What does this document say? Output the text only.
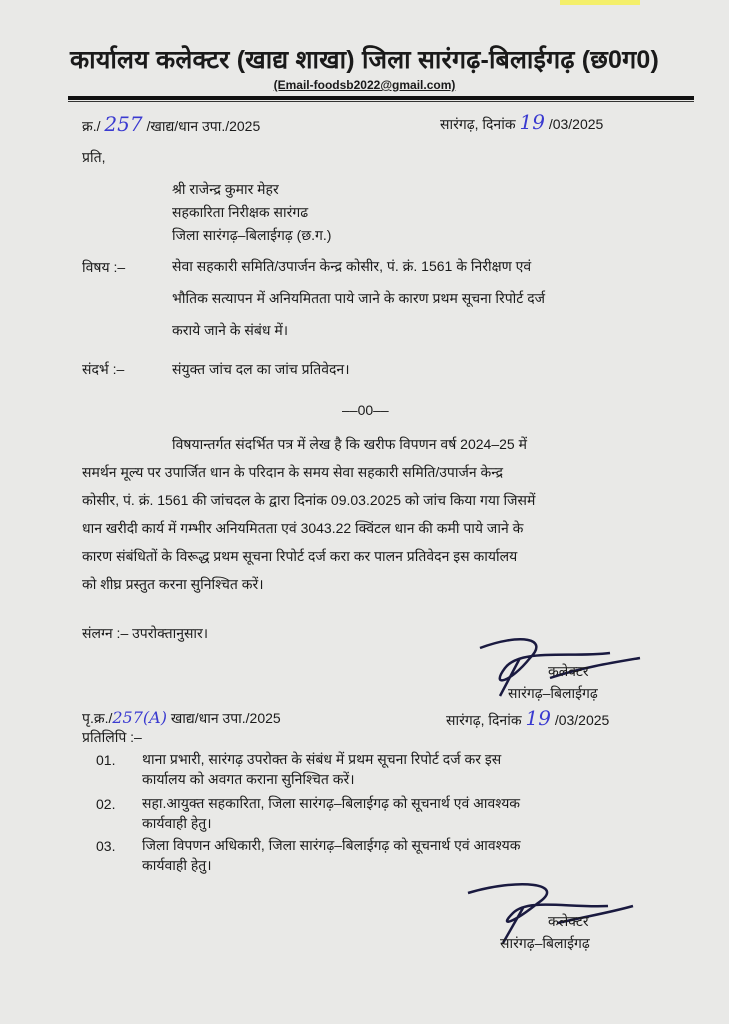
कार्यालय कलेक्टर (खाद्य शाखा) जिला सारंगढ़-बिलाईगढ़ (छ0ग0)
(Email-foodsb2022@gmail.com)
क्र./ 257 /खाद्य/धान उपा./2025	सारंगढ़, दिनांक 19 /03/2025
प्रति,
श्री राजेन्द्र कुमार मेहर
सहकारिता निरीक्षक सारंगढ
जिला सारंगढ़–बिलाईगढ़ (छ.ग.)
विषय :–	सेवा सहकारी समिति/उपार्जन केन्द्र कोसीर, पं. क्रं. 1561 के निरीक्षण एवं
भौतिक सत्यापन में अनियमितता पाये जाने के कारण प्रथम सूचना रिपोर्ट दर्ज
कराये जाने के संबंध में।
संदर्भ :–	संयुक्त जांच दल का जांच प्रतिवेदन।
––00––
विषयान्तर्गत संदर्भित पत्र में लेख है कि खरीफ विपणन वर्ष 2024–25 में
समर्थन मूल्य पर उपार्जित धान के परिदान के समय सेवा सहकारी समिति/उपार्जन केन्द्र
कोसीर, पं. क्रं. 1561 की जांचदल के द्वारा दिनांक 09.03.2025 को जांच किया गया जिसमें
धान खरीदी कार्य में गम्भीर अनियमितता एवं 3043.22 क्विंटल धान की कमी पाये जाने के
कारण संबंधितों के विरूद्ध प्रथम सूचना रिपोर्ट दर्ज करा कर पालन प्रतिवेदन इस कार्यालय
को शीघ्र प्रस्तुत करना सुनिश्चित करें।
संलग्न :– उपरोक्तानुसार।
कलेक्टर
सारंगढ़–बिलाईगढ़
पृ.क्र./257(A) खाद्य/धान उपा./2025	सारंगढ़, दिनांक 19 /03/2025
प्रतिलिपि :–
01. थाना प्रभारी, सारंगढ़ उपरोक्त के संबंध में प्रथम सूचना रिपोर्ट दर्ज कर इस
कार्यालय को अवगत कराना सुनिश्चित करें।
02. सहा.आयुक्त सहकारिता, जिला सारंगढ़–बिलाईगढ़ को सूचनार्थ एवं आवश्यक
कार्यवाही हेतु।
03. जिला विपणन अधिकारी, जिला सारंगढ़–बिलाईगढ़ को सूचनार्थ एवं आवश्यक
कार्यवाही हेतु।
कलेक्टर
सारंगढ़–बिलाईगढ़
